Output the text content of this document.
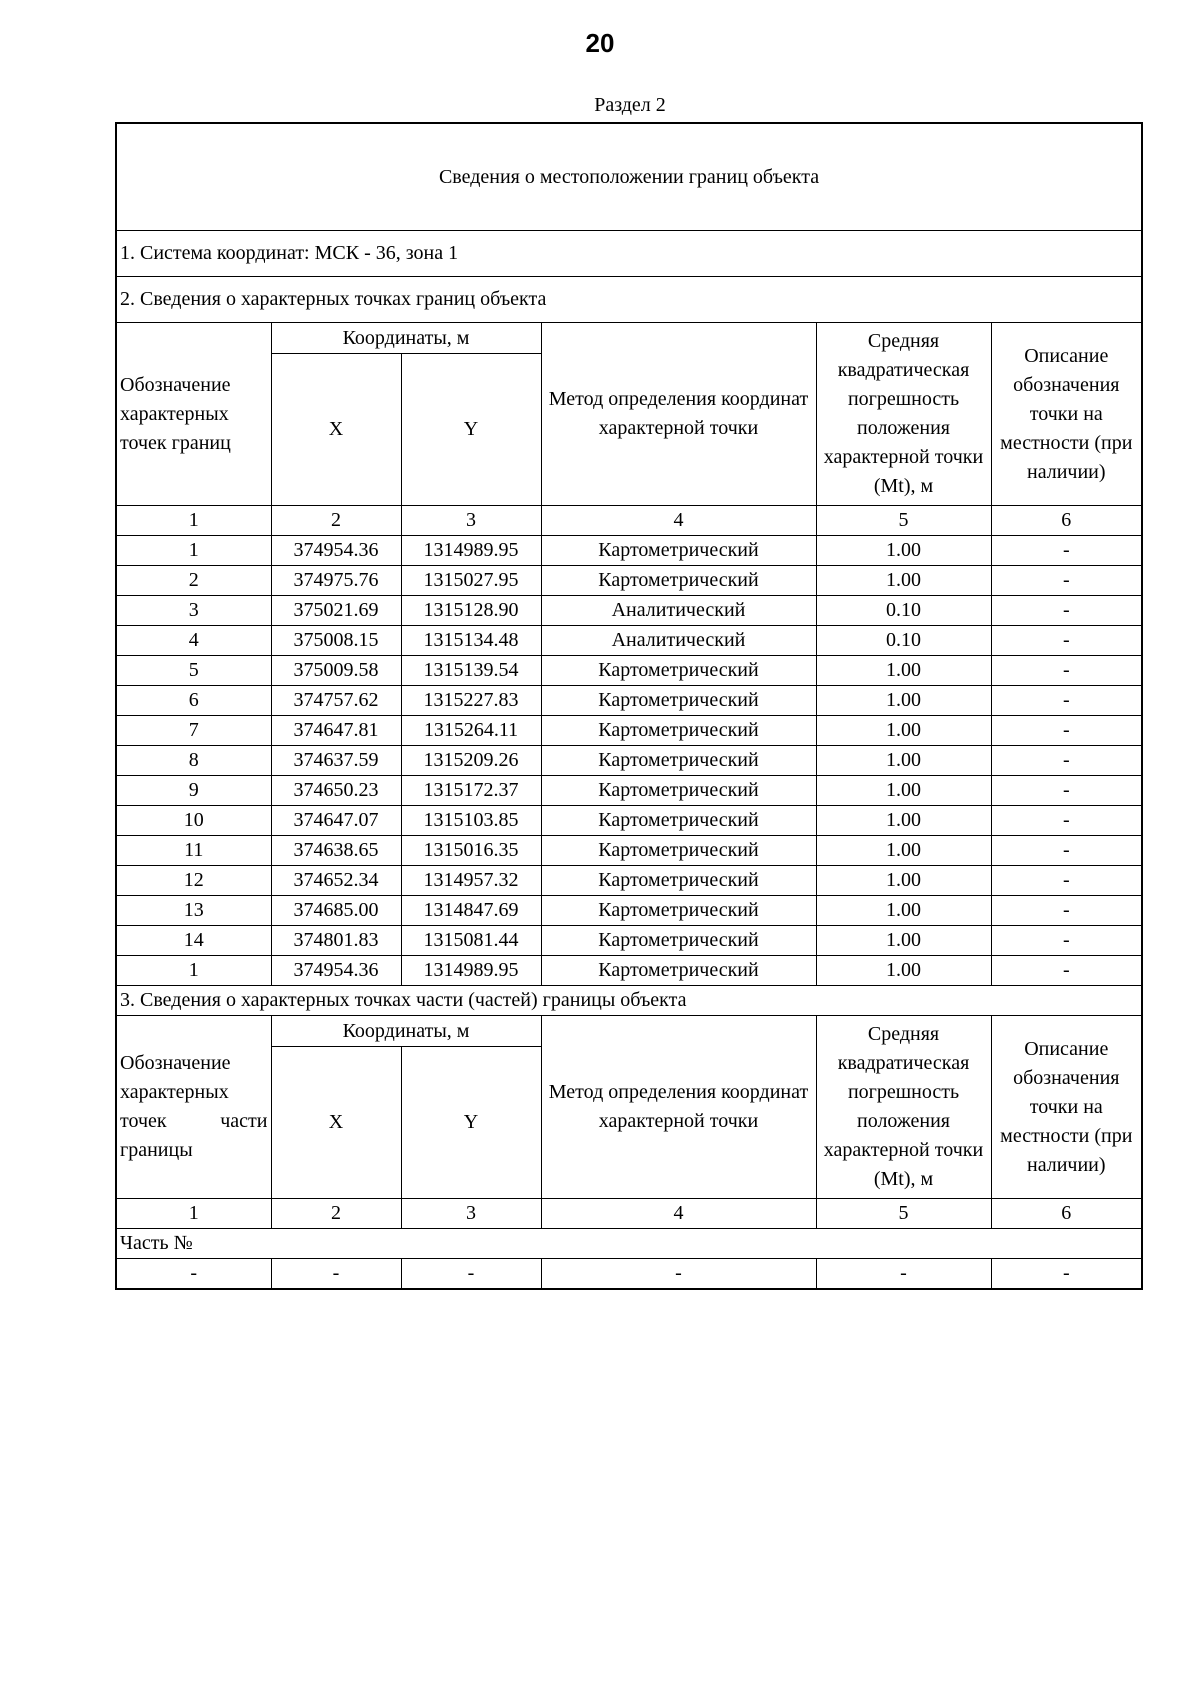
20
Раздел 2
Сведения о местоположении границ объекта					
1. Система координат: МСК - 36, зона 1					
2. Сведения о характерных точках границ объекта					
Обозначение характерных точек границ	Координаты, м		Метод определения координат характерной точки	Средняя квадратическая погрешность положения характерной точки (Mt), м	Описание обозначения точки на местности (при наличии)
	X	Y			
1	2	3	4	5	6
1	374954.36	1314989.95	Картометрический	1.00	-
2	374975.76	1315027.95	Картометрический	1.00	-
3	375021.69	1315128.90	Аналитический	0.10	-
4	375008.15	1315134.48	Аналитический	0.10	-
5	375009.58	1315139.54	Картометрический	1.00	-
6	374757.62	1315227.83	Картометрический	1.00	-
7	374647.81	1315264.11	Картометрический	1.00	-
8	374637.59	1315209.26	Картометрический	1.00	-
9	374650.23	1315172.37	Картометрический	1.00	-
10	374647.07	1315103.85	Картометрический	1.00	-
11	374638.65	1315016.35	Картометрический	1.00	-
12	374652.34	1314957.32	Картометрический	1.00	-
13	374685.00	1314847.69	Картометрический	1.00	-
14	374801.83	1315081.44	Картометрический	1.00	-
1	374954.36	1314989.95	Картометрический	1.00	-
3. Сведения о характерных точках части (частей) границы объекта					

Обозначение характерных
точек части
границы	Координаты, м		Метод определения координат характерной точки	Средняя квадратическая погрешность положения характерной точки (Mt), м	Описание обозначения точки на местности (при наличии)
	X	Y			
1	2	3	4	5	6
Часть №					
-	-	-	-	-	-
